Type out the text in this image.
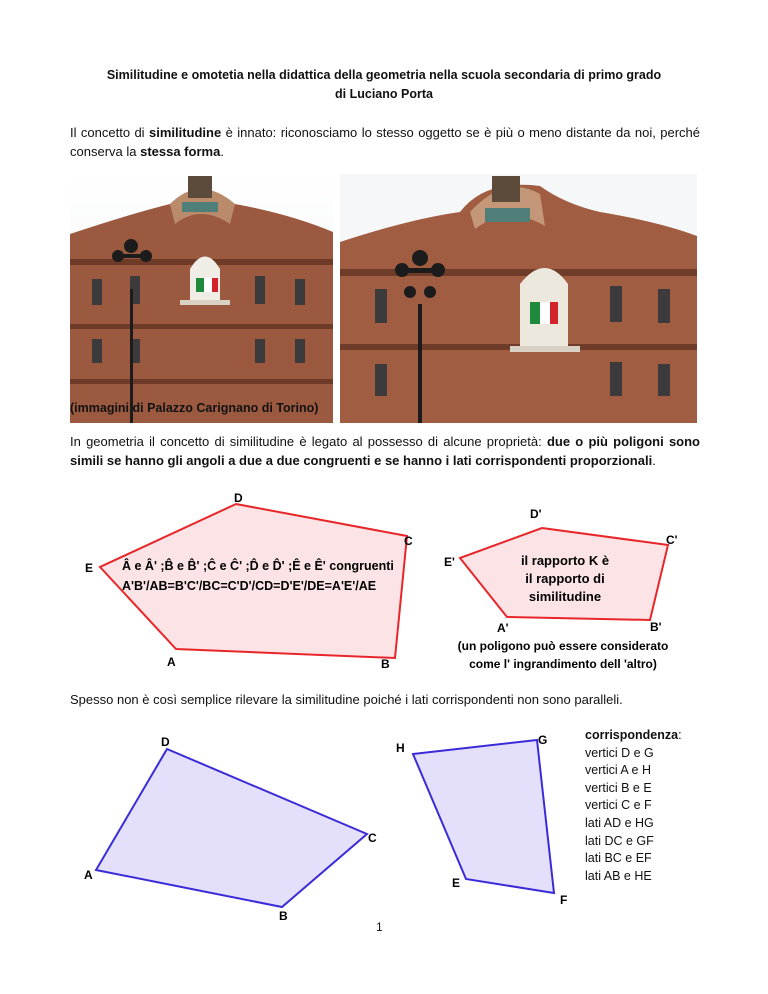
Similitudine e omotetia nella didattica della geometria nella scuola secondaria di primo grado
di Luciano Porta
Il concetto di similitudine è innato: riconosciamo lo stesso oggetto se è più o meno distante da noi, perché conserva la stessa forma.
(immagini di Palazzo Carignano di Torino)
In geometria il concetto di similitudine è legato al possesso di alcune proprietà: due o più poligoni sono simili se hanno gli angoli a due a due congruenti e se hanno i lati corrispondenti proporzionali.
D
C
E
A	B
Â e Â' ;B̂ e B̂' ;Ĉ e Ĉ' ;D̂ e D̂' ;Ê e Ê' congruenti
A'B'/AB=B'C'/BC=C'D'/CD=D'E'/DE=A'E'/AE
D'
C'
E'
A'	B'
il rapporto K è
il rapporto di
similitudine
(un poligono può essere considerato
come l' ingrandimento dell 'altro)
D
C
A
B
H
G
E
F
Spesso non è così semplice rilevare la similitudine poiché i lati corrispondenti non sono paralleli.
corrispondenza:
vertici D e G
vertici A e H
vertici B e E
vertici C e F
lati AD e HG
lati DC e GF
lati BC e EF
lati AB e HE
1
